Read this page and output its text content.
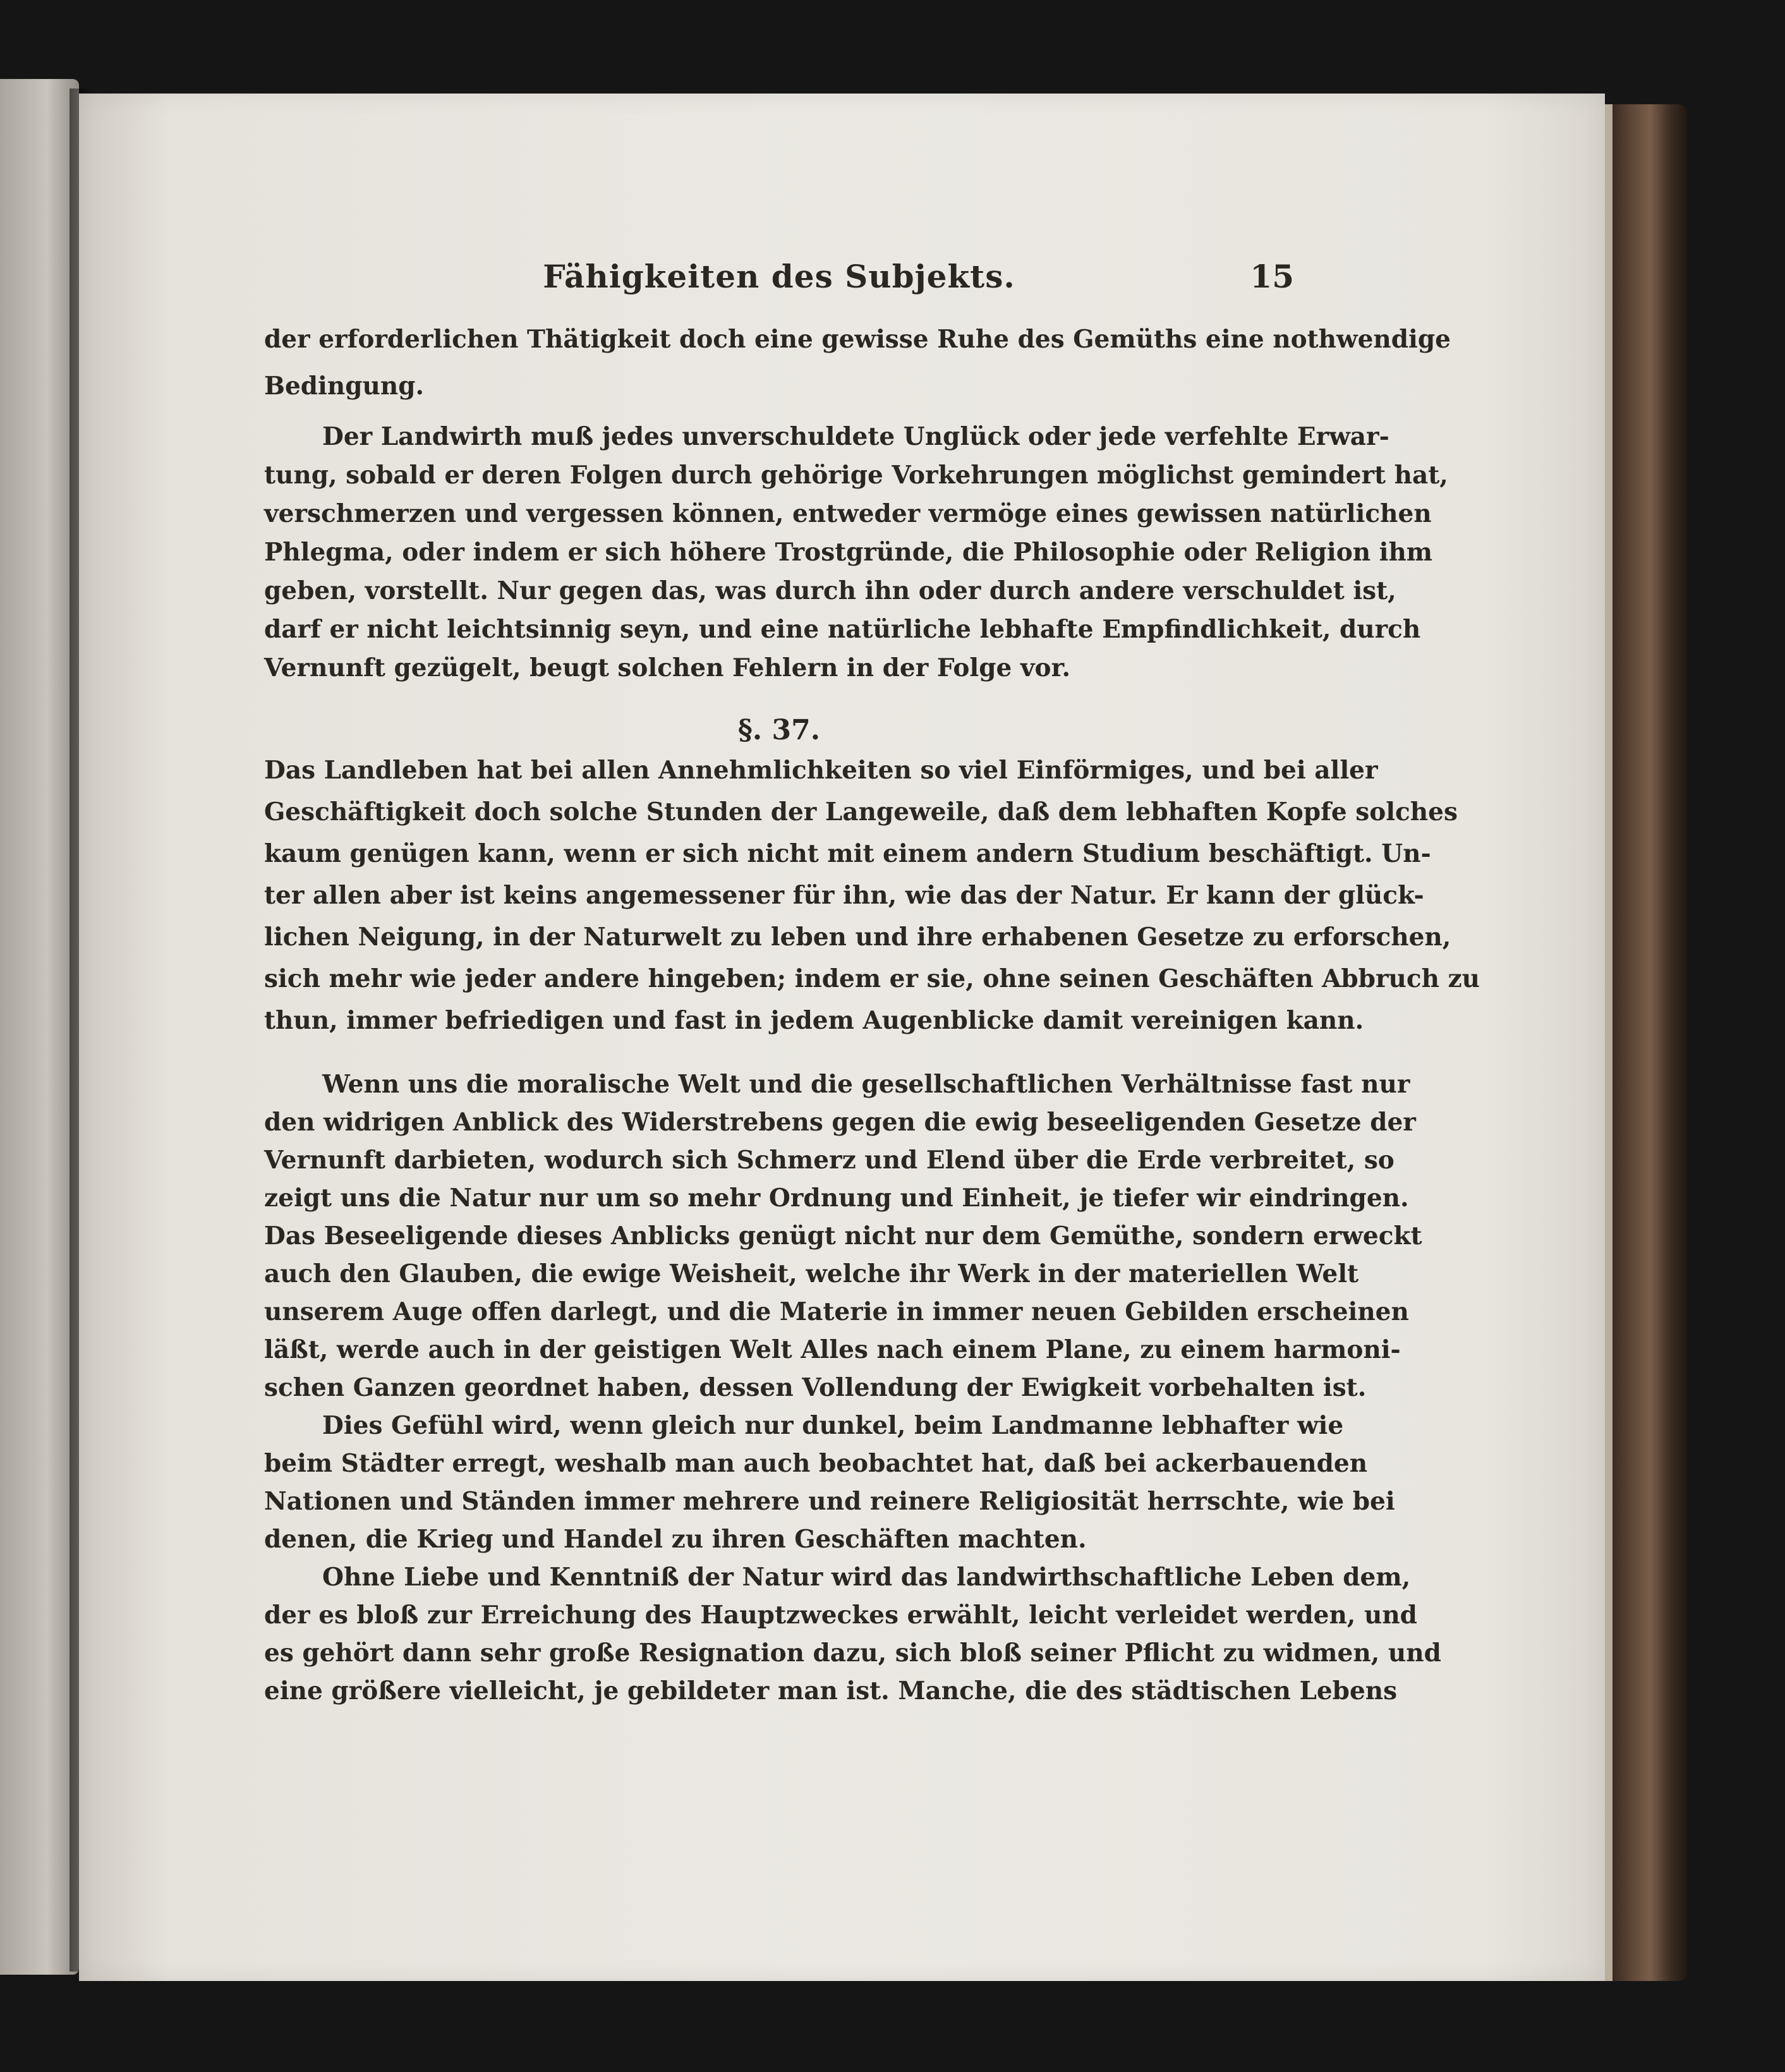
Fähigkeiten des Subjekts.	15
der erforderlichen Thätigkeit doch eine gewisse Ruhe des Gemüths eine nothwendige
Bedingung.
Der Landwirth muß jedes unverschuldete Unglück oder jede verfehlte Erwar-
tung, sobald er deren Folgen durch gehörige Vorkehrungen möglichst gemindert hat,
verschmerzen und vergessen können, entweder vermöge eines gewissen natürlichen
Phlegma, oder indem er sich höhere Trostgründe, die Philosophie oder Religion ihm
geben, vorstellt. Nur gegen das, was durch ihn oder durch andere verschuldet ist,
darf er nicht leichtsinnig seyn, und eine natürliche lebhafte Empfindlichkeit, durch
Vernunft gezügelt, beugt solchen Fehlern in der Folge vor.
§. 37.
Das Landleben hat bei allen Annehmlichkeiten so viel Einförmiges, und bei aller
Geschäftigkeit doch solche Stunden der Langeweile, daß dem lebhaften Kopfe solches
kaum genügen kann, wenn er sich nicht mit einem andern Studium beschäftigt. Un-
ter allen aber ist keins angemessener für ihn, wie das der Natur. Er kann der glück-
lichen Neigung, in der Naturwelt zu leben und ihre erhabenen Gesetze zu erforschen,
sich mehr wie jeder andere hingeben; indem er sie, ohne seinen Geschäften Abbruch zu
thun, immer befriedigen und fast in jedem Augenblicke damit vereinigen kann.
Wenn uns die moralische Welt und die gesellschaftlichen Verhältnisse fast nur
den widrigen Anblick des Widerstrebens gegen die ewig beseeligenden Gesetze der
Vernunft darbieten, wodurch sich Schmerz und Elend über die Erde verbreitet, so
zeigt uns die Natur nur um so mehr Ordnung und Einheit, je tiefer wir eindringen.
Das Beseeligende dieses Anblicks genügt nicht nur dem Gemüthe, sondern erweckt
auch den Glauben, die ewige Weisheit, welche ihr Werk in der materiellen Welt
unserem Auge offen darlegt, und die Materie in immer neuen Gebilden erscheinen
läßt, werde auch in der geistigen Welt Alles nach einem Plane, zu einem harmoni-
schen Ganzen geordnet haben, dessen Vollendung der Ewigkeit vorbehalten ist.
Dies Gefühl wird, wenn gleich nur dunkel, beim Landmanne lebhafter wie
beim Städter erregt, weshalb man auch beobachtet hat, daß bei ackerbauenden
Nationen und Ständen immer mehrere und reinere Religiosität herrschte, wie bei
denen, die Krieg und Handel zu ihren Geschäften machten.
Ohne Liebe und Kenntniß der Natur wird das landwirthschaftliche Leben dem,
der es bloß zur Erreichung des Hauptzweckes erwählt, leicht verleidet werden, und
es gehört dann sehr große Resignation dazu, sich bloß seiner Pflicht zu widmen, und
eine größere vielleicht, je gebildeter man ist. Manche, die des städtischen Lebens
